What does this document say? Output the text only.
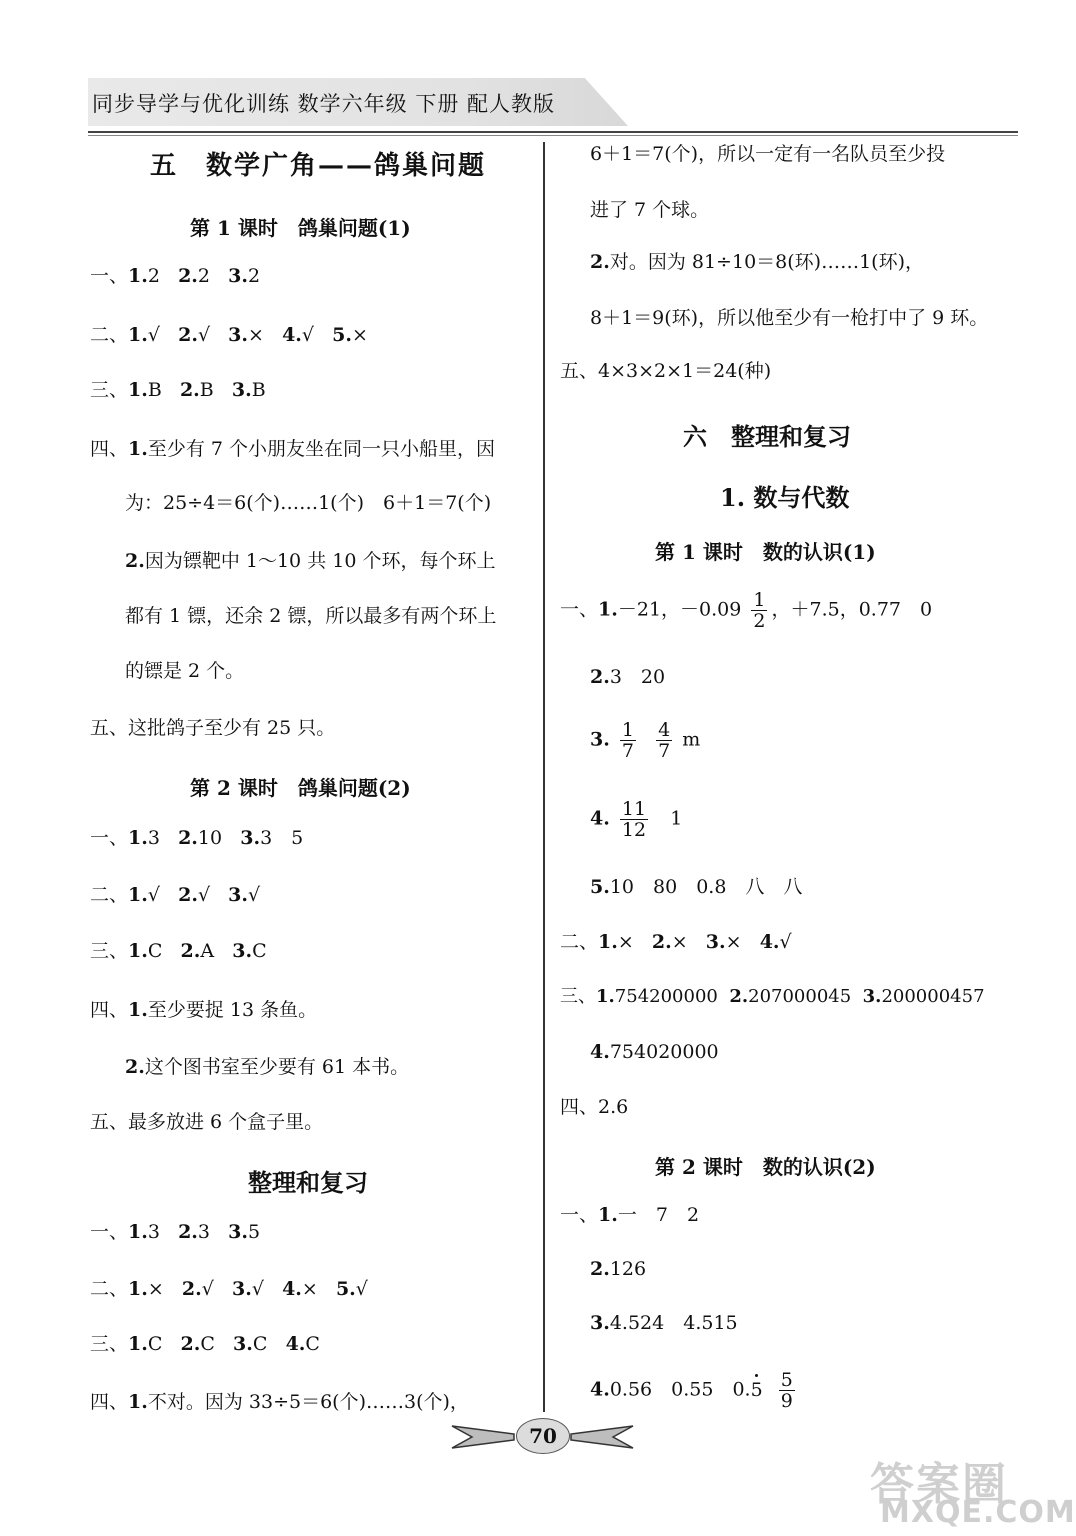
同步导学与优化训练 数学六年级 下册 配人教版
五　数学广角——鸽巢问题
第 1 课时　鸽巢问题(1)
一、1.2 2.2 3.2
二、1.√ 2.√ 3.× 4.√ 5.×
三、1.B 2.B 3.B
四、1.至少有 7 个小朋友坐在同一只小船里，因
为：25÷4＝6(个)……1(个)　6＋1＝7(个)
2.因为镖靶中 1～10 共 10 个环，每个环上
都有 1 镖，还余 2 镖，所以最多有两个环上
的镖是 2 个。
五、这批鸽子至少有 25 只。
第 2 课时　鸽巢问题(2)
一、1.3 2.10 3.3　5
二、1.√ 2.√ 3.√
三、1.C 2.A 3.C
四、1.至少要捉 13 条鱼。
2.这个图书室至少要有 61 本书。
五、最多放进 6 个盒子里。
整理和复习
一、1.3 2.3 3.5
二、1.× 2.√ 3.√ 4.× 5.√
三、1.C 2.C 3.C 4.C
四、1.不对。因为 33÷5＝6(个)……3(个)，
6＋1＝7(个)，所以一定有一名队员至少投
进了 7 个球。
2.对。因为 81÷10＝8(环)……1(环)，
8＋1＝9(环)，所以他至少有一枪打中了 9 环。
五、4×3×2×1＝24(种)
六　整理和复习
1. 数与代数
第 1 课时　数的认识(1)
一、1.－21，$-0.09 \frac{1}{2}$ ，＋7.5，0.77　0
2.3　20
3. $\frac{1}{7}$
$\frac{4}{7}$ m
4. $\frac{11}{12} 1$
5.10　80　0.8　八　八
二、1.× 2.× 3.× 4.√
三、1.754200000 2.207000045 3.200000457
4.754020000
四、2.6
第 2 课时　数的认识(2)
一、1.一　7　2
2.126
3.4.524　4.515
4.0.56　0.55　$0.5 \frac{5}{9}$
70
答案圈
MXQE.COM
